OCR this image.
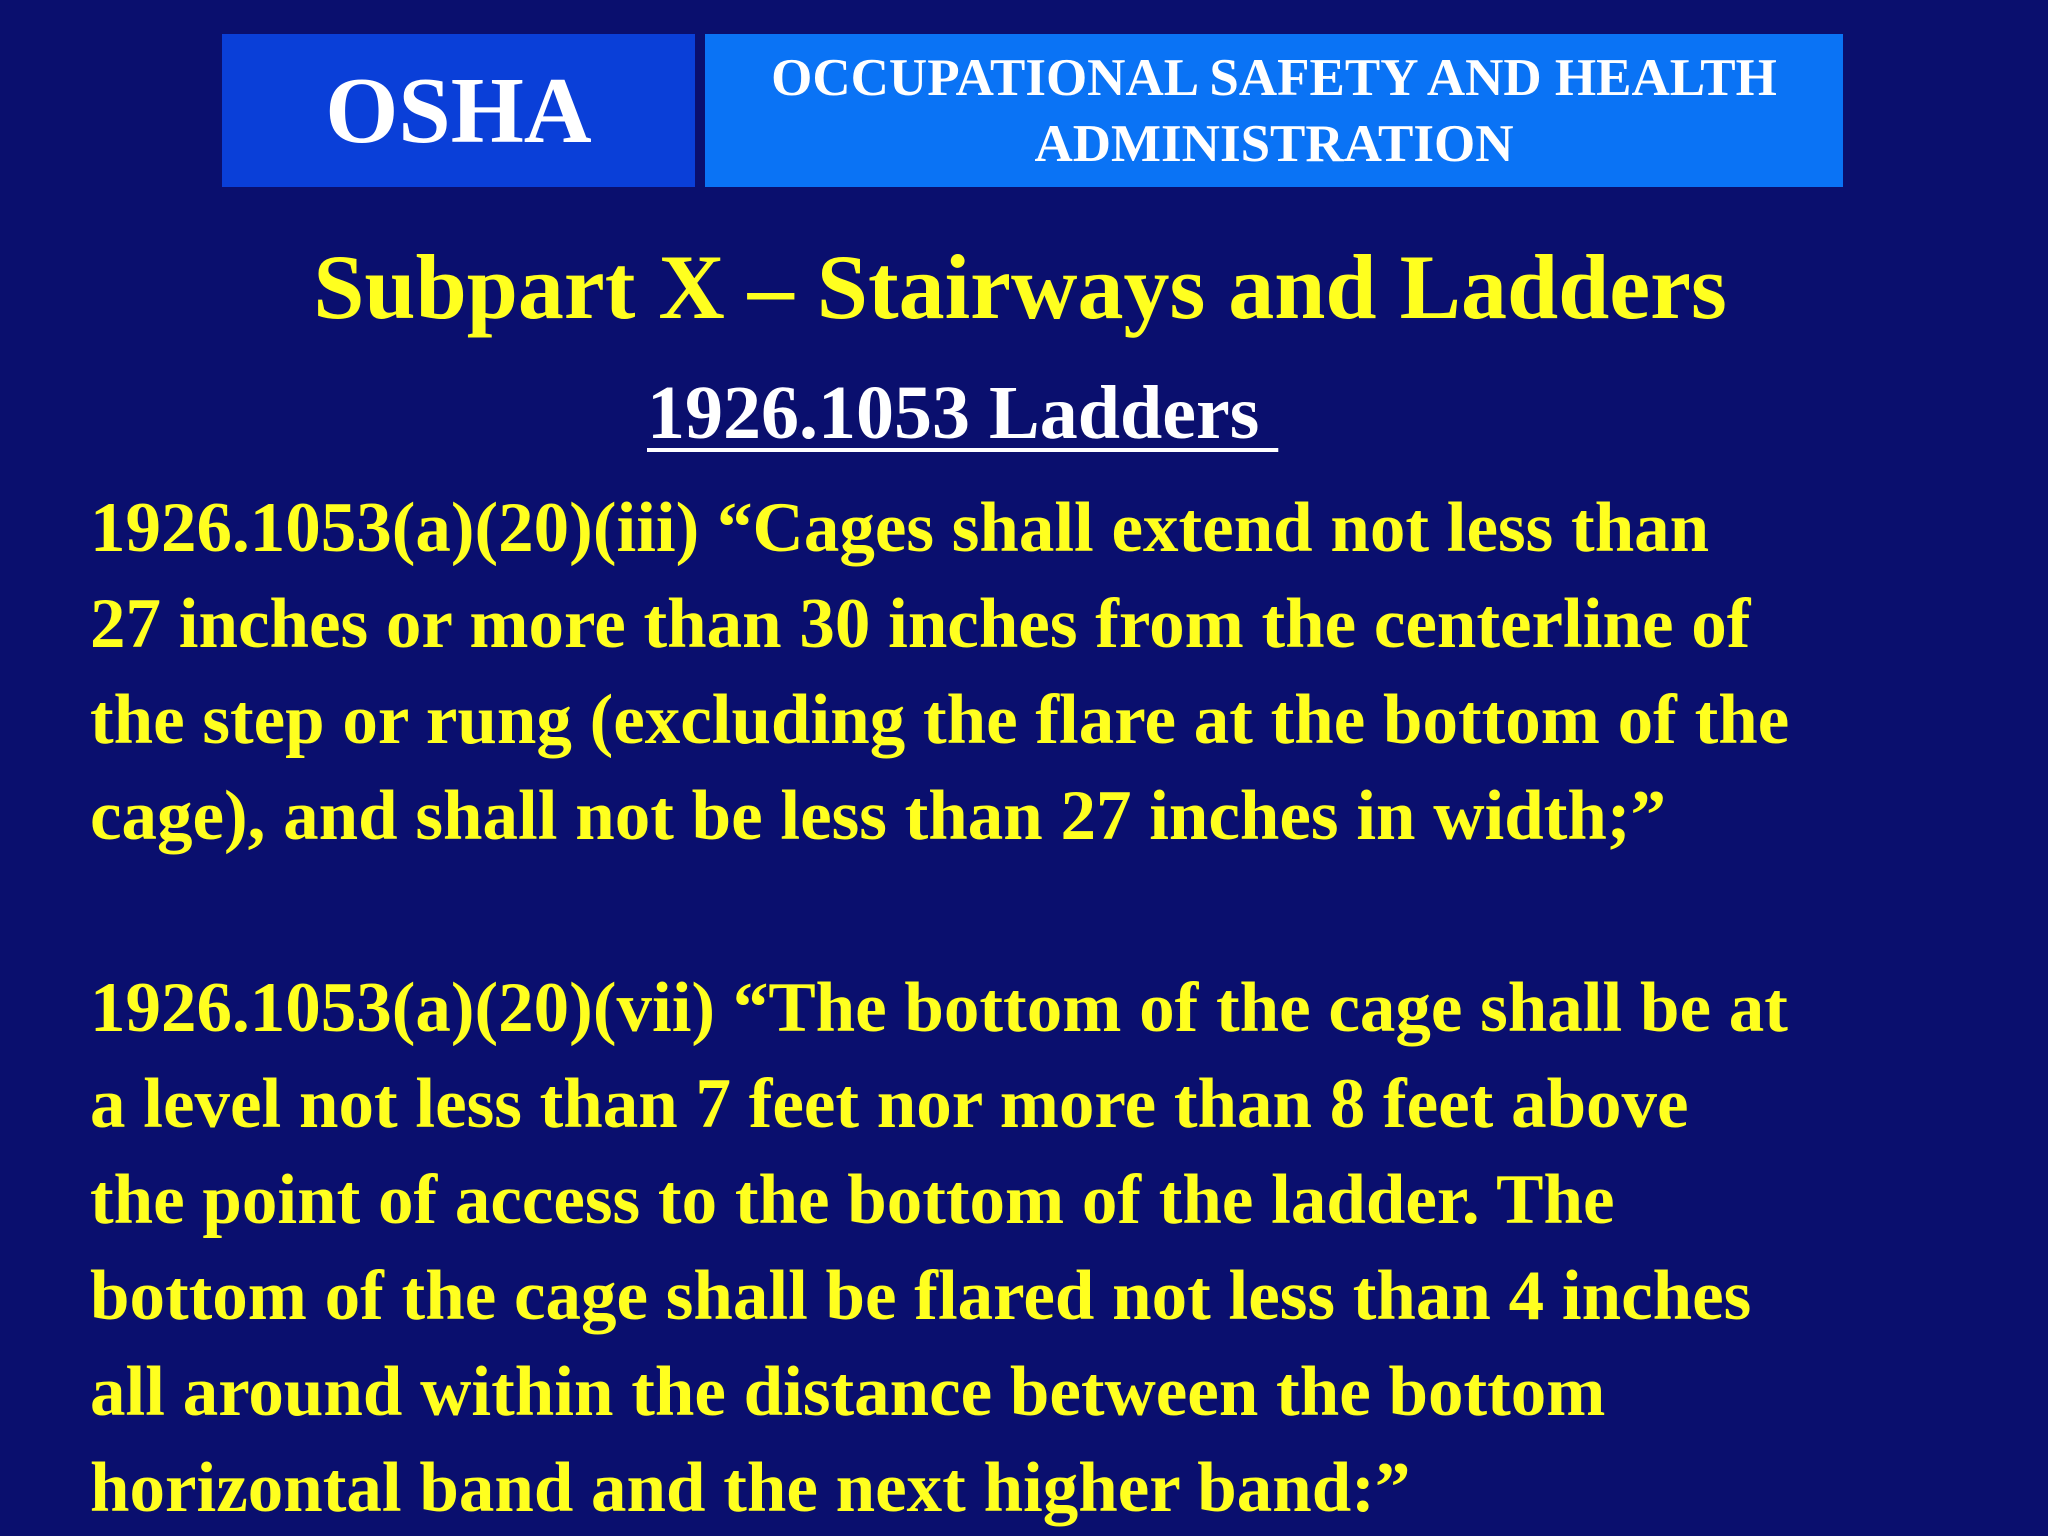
OSHA	OCCUPATIONAL SAFETY AND HEALTH
ADMINISTRATION
Subpart X – Stairways and Ladders
1926.1053 Ladders
1926.1053(a)(20)(iii) “Cages shall extend not less than
27 inches or more than 30 inches from the centerline of
the step or rung (excluding the flare at the bottom of the
cage), and shall not be less than 27 inches in width;”
1926.1053(a)(20)(vii) “The bottom of the cage shall be at
a level not less than 7 feet nor more than 8 feet above
the point of access to the bottom of the ladder. The
bottom of the cage shall be flared not less than 4 inches
all around within the distance between the bottom
horizontal band and the next higher band:”
